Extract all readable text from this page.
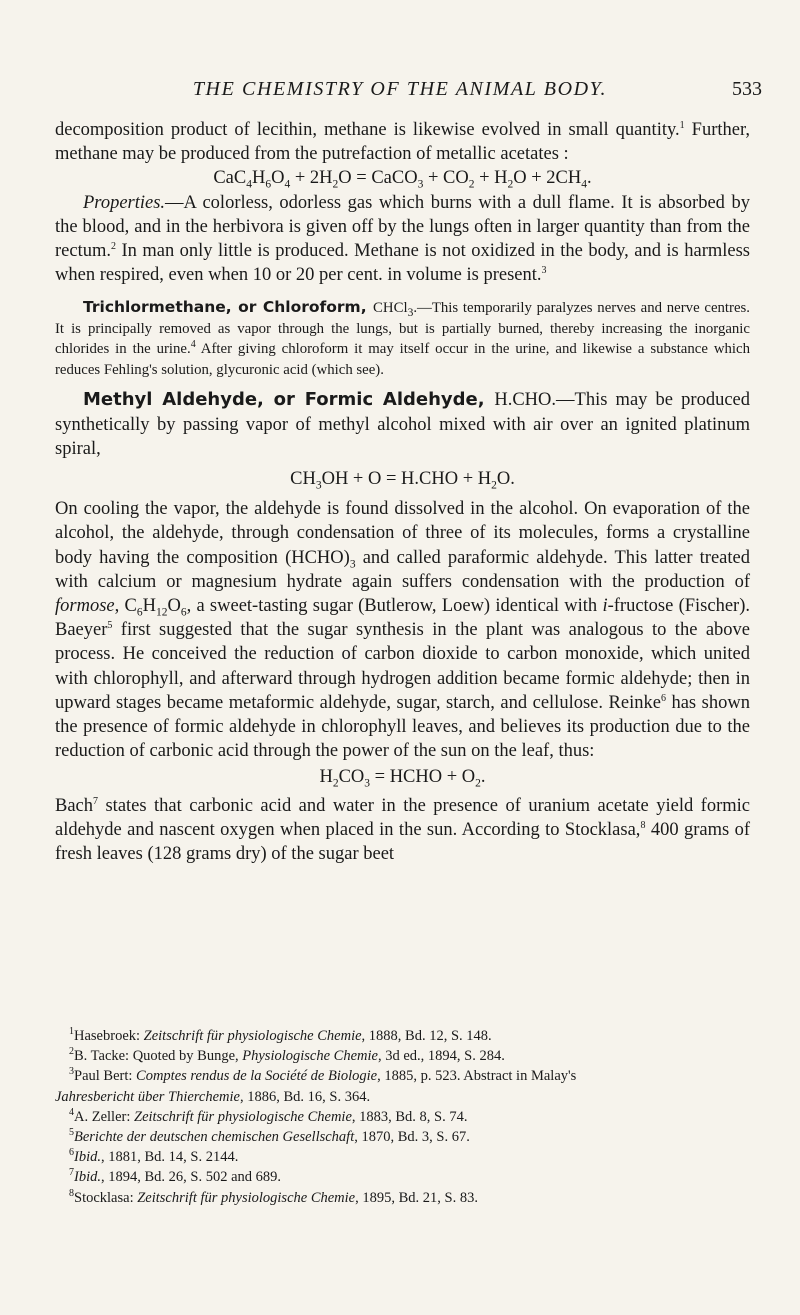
THE CHEMISTRY OF THE ANIMAL BODY.	533

decomposition product of lecithin, methane is likewise evolved in small quantity.$^1$ Further, methane may be produced from the putrefaction of metallic acetates :

$CaC_4H_6O_4 + 2H_2O$ = CaCO$_3$ + $CO_2 + H_2O + 2CH_4$.

Properties.—A colorless, odorless gas which burns with a dull flame. It is absorbed by the blood, and in the herbivora is given off by the lungs often in larger quantity than from the rectum.$^2$ In man only little is produced. Methane is not oxidized in the body, and is harmless when respired, even when 10 or 20 per cent. in volume is present.$^3$

Trichlormethane, or Chloroform, CHCl$_3$.—This temporarily paralyzes nerves and nerve centres. It is principally removed as vapor through the lungs, but is partially burned, thereby increasing the inorganic chlorides in the urine.$^4$ After giving chloroform it may itself occur in the urine, and likewise a substance which reduces Fehling's solution, glycuronic acid (which see).

Methyl Aldehyde, or Formic Aldehyde, H.CHO.—This may be produced synthetically by passing vapor of methyl alcohol mixed with air over an ignited platinum spiral,

$CH_3OH + O = H.CHO + H_2O$.

On cooling the vapor, the aldehyde is found dissolved in the alcohol. On evaporation of the alcohol, the aldehyde, through condensation of three of its molecules, forms a crystalline body having the composition $(HCHO)_3$ and called paraformic aldehyde. This latter treated with calcium or magnesium hydrate again suffers condensation with the production of formose, $C_6H_{12}O_6$, a sweet-tasting sugar (Butlerow, Loew) identical with i-fructose (Fischer). Baeyer$^5$ first suggested that the sugar synthesis in the plant was analogous to the above process. He conceived the reduction of carbon dioxide to carbon monoxide, which united with chlorophyll, and afterward through hydrogen addition became formic aldehyde; then in upward stages became metaformic aldehyde, sugar, starch, and cellulose. Reinke$^6$ has shown the presence of formic aldehyde in chlorophyll leaves, and believes its production due to the reduction of carbonic acid through the power of the sun on the leaf, thus:

$H_2CO_3$ = HCHO + $O_2$.

Bach$^7$ states that carbonic acid and water in the presence of uranium acetate yield formic aldehyde and nascent oxygen when placed in the sun. According to Stocklasa,$^8$ 400 grams of fresh leaves (128 grams dry) of the sugar beet

$^1$Hasebroek: Zeitschrift für physiologische Chemie, 1888, Bd. 12, S. 148.

$^2$B. Tacke: Quoted by Bunge, Physiologische Chemie, 3d ed., 1894, S. 284.

$^3$Paul Bert: Comptes rendus de la Société de Biologie, 1885, p. 523. Abstract in Malay's

Jahresbericht über Thierchemie, 1886, Bd. 16, S. 364.

$^4$A. Zeller: Zeitschrift für physiologische Chemie, 1883, Bd. 8, S. 74.

$^5$Berichte der deutschen chemischen Gesellschaft, 1870, Bd. 3, S. 67.

$^6$Ibid., 1881, Bd. 14, S. 2144.

$^7$Ibid., 1894, Bd. 26, S. 502 and 689.

$^8$Stocklasa: Zeitschrift für physiologische Chemie, 1895, Bd. 21, S. 83.
